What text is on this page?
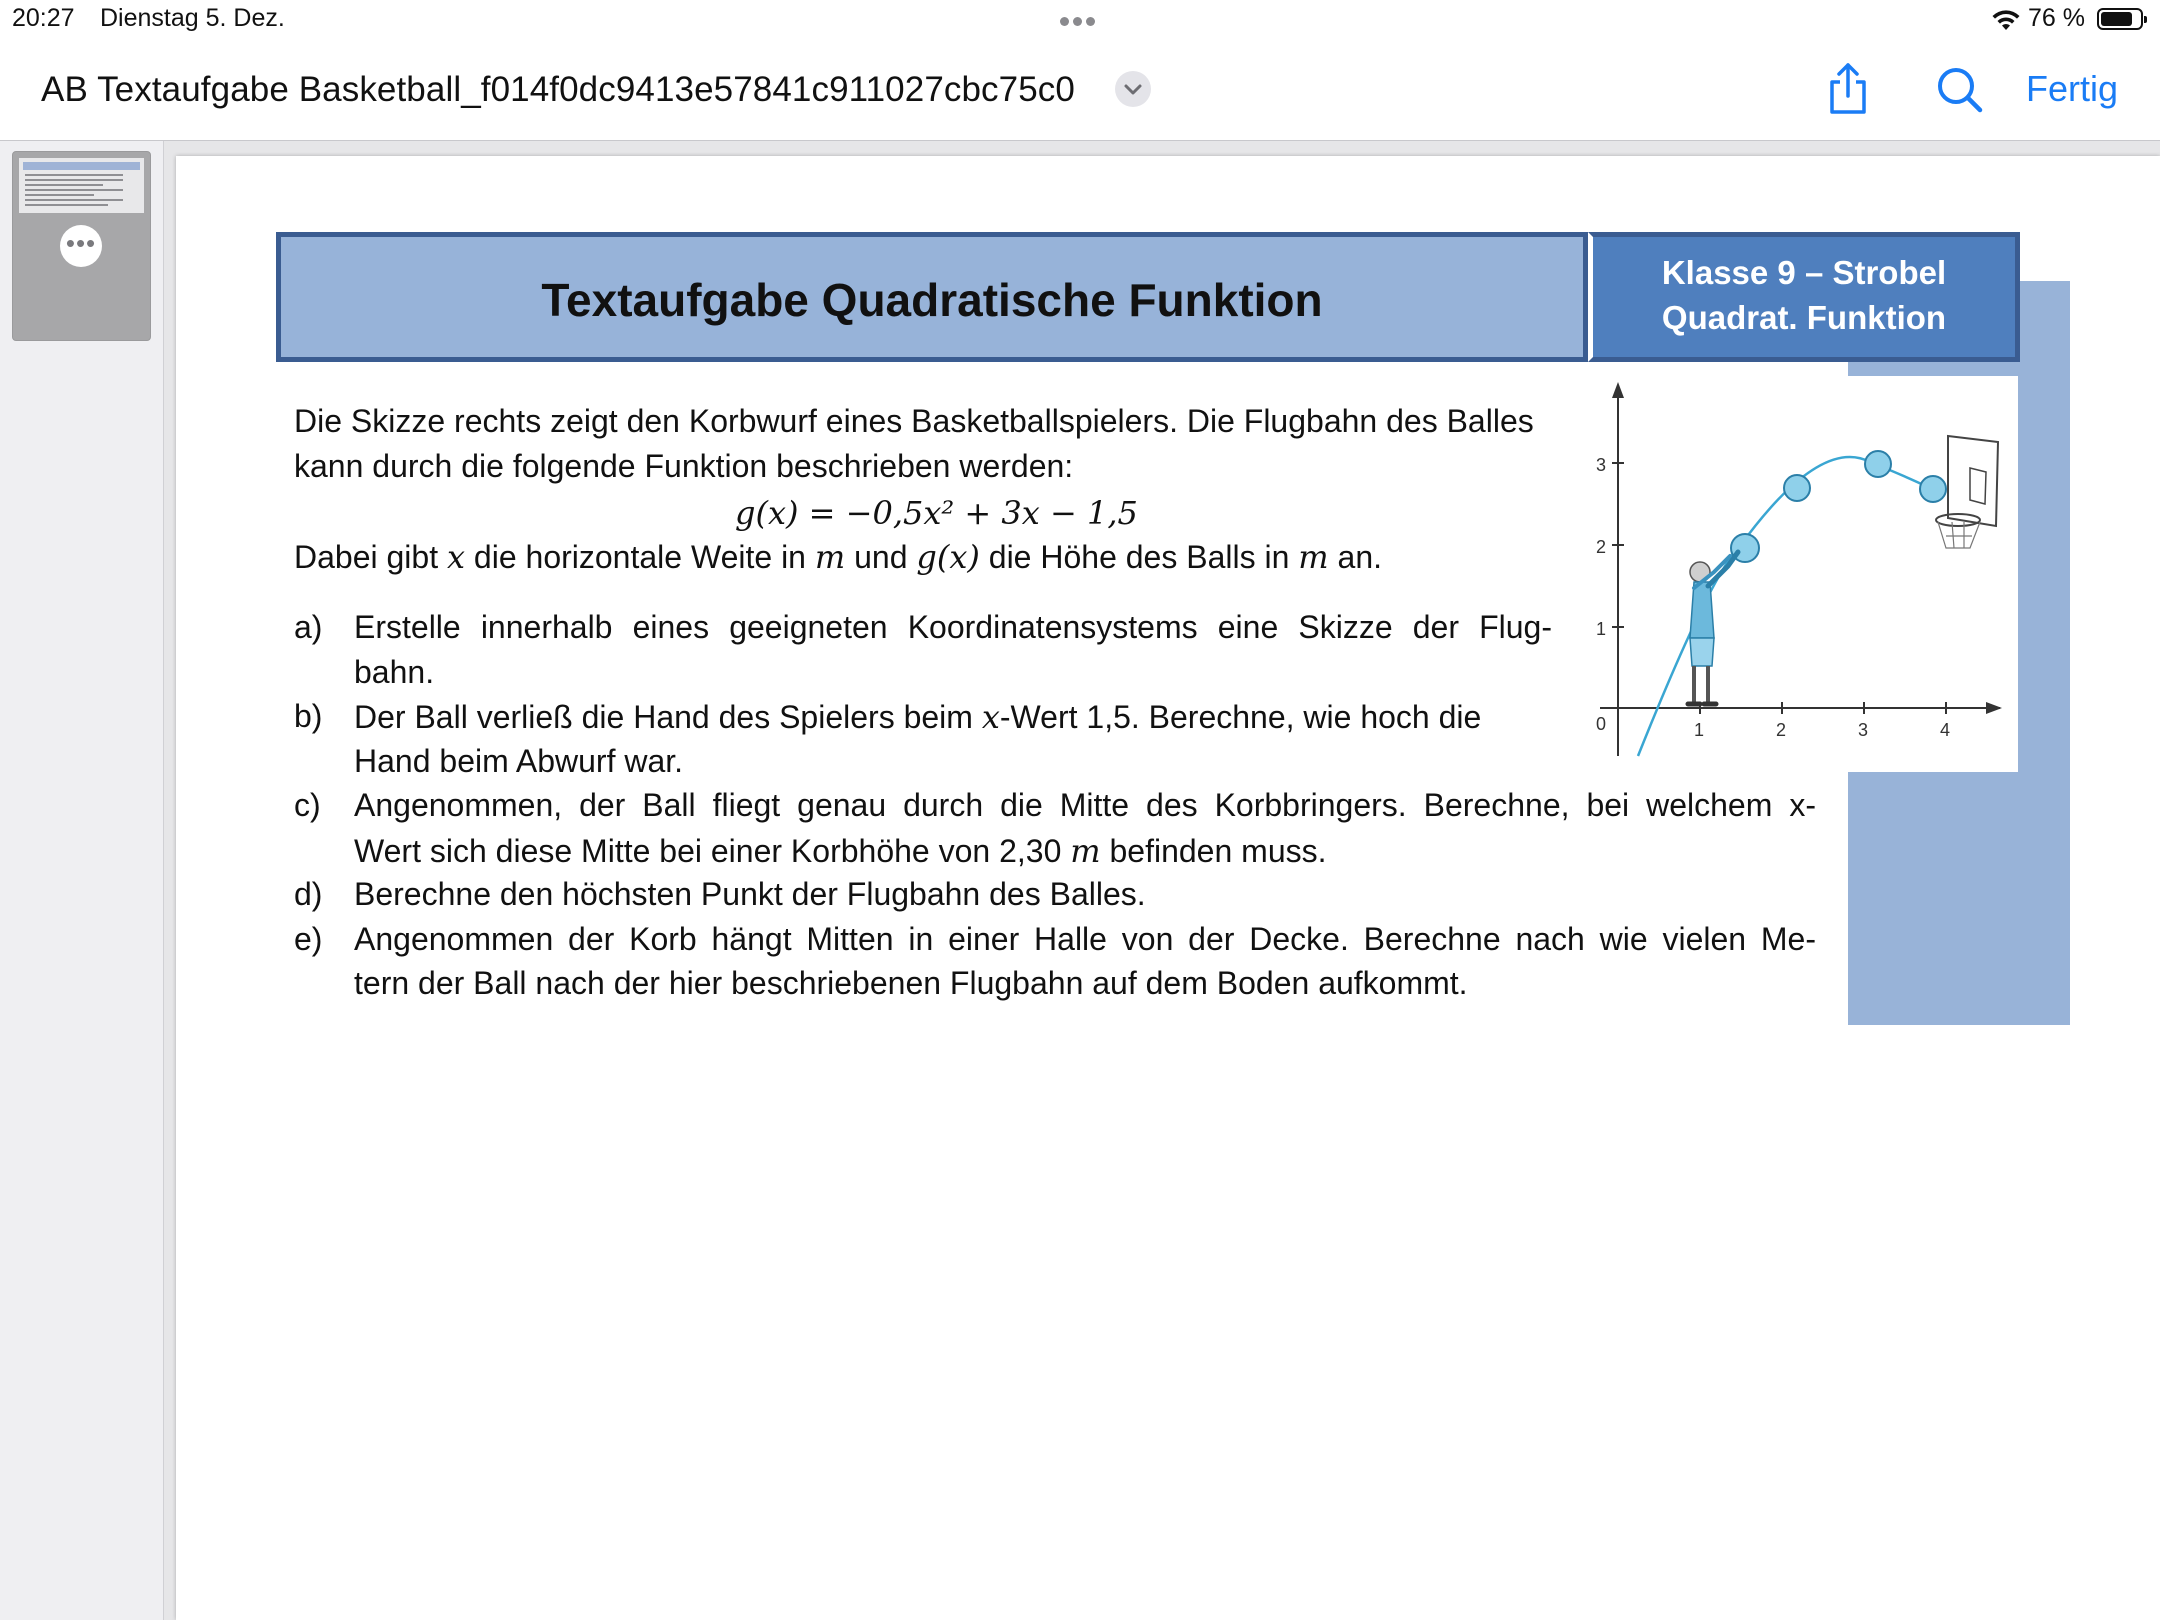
20:27 Dienstag 5. Dez.	76 %
AB Textaufgabe Basketball_f014f0dc9413e57841c911027cbc75c0	Fertig
•••
Textaufgabe Quadratische Funktion
Klasse 9 – Strobel
Quadrat. Funktion
1
2
3
0	1	2	3	4
Die Skizze rechts zeigt den Korbwurf eines Basketballspielers. Die Flugbahn des Balles
kann durch die folgende Funktion beschrieben werden:
g(x) = −0,5x² + 3x − 1,5
Dabei gibt x die horizontale Weite in m und g(x) die Höhe des Balls in m an.
a) Erstelle innerhalb eines geeigneten Koordinatensystems eine Skizze der Flug-
bahn.
b) Der Ball verließ die Hand des Spielers beim x-Wert 1,5. Berechne, wie hoch die
Hand beim Abwurf war.
c) Angenommen, der Ball fliegt genau durch die Mitte des Korbbringers. Berechne, bei welchem x-
Wert sich diese Mitte bei einer Korbhöhe von 2,30 m befinden muss.
d) Berechne den höchsten Punkt der Flugbahn des Balles.
e) Angenommen der Korb hängt Mitten in einer Halle von der Decke. Berechne nach wie vielen Me-
tern der Ball nach der hier beschriebenen Flugbahn auf dem Boden aufkommt.
